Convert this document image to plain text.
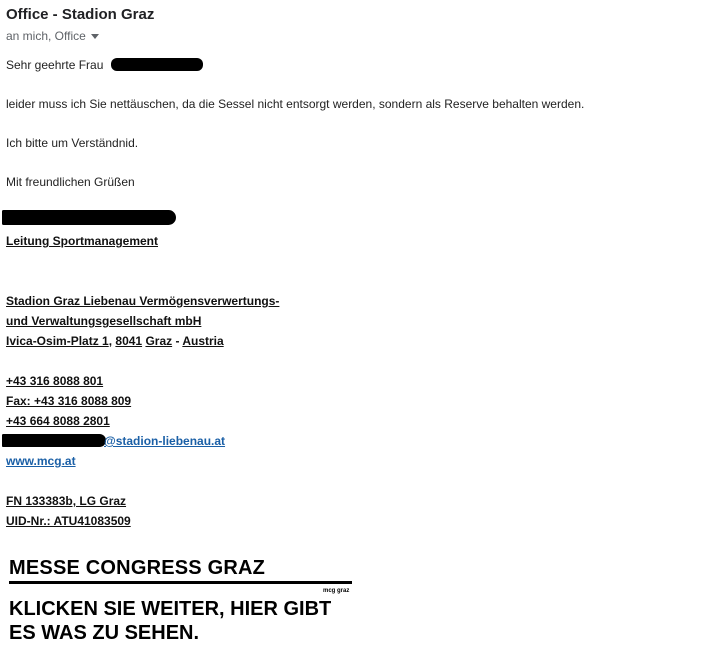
Office - Stadion Graz
an mich, Office
Sehr geehrte Frau
leider muss ich Sie nettäuschen, da die Sessel nicht entsorgt werden, sondern als Reserve behalten werden.
Ich bitte um Verständnid.
Mit freundlichen Grüßen
Leitung Sportmanagement
Stadion Graz Liebenau Vermögensverwertungs-
und Verwaltungsgesellschaft mbH
Ivica-Osim-Platz 1, 8041 Graz - Austria
+43 316 8088 801
Fax: +43 316 8088 809
+43 664 8088 2801
@stadion-liebenau.at
www.mcg.at
FN 133383b, LG Graz
UID-Nr.: ATU41083509
MESSE CONGRESS GRAZ
mcg graz
KLICKEN SIE WEITER, HIER GIBT ES WAS ZU SEHEN.
